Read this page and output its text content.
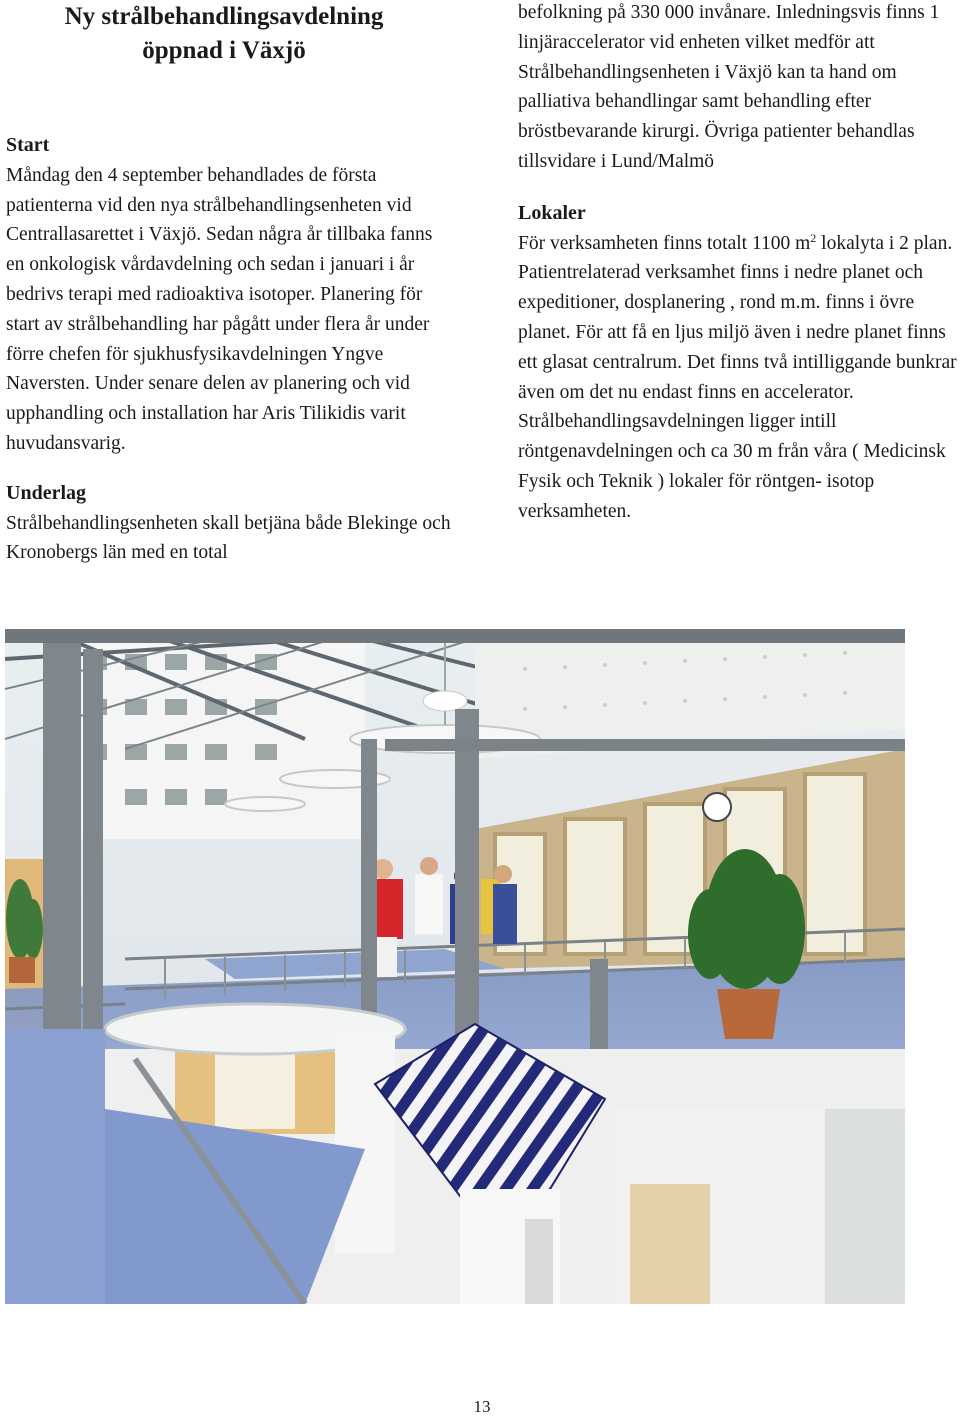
Ny strålbehandlingsavdelning
öppnad i Växjö

Start

Måndag den 4 september behandlades de första patienterna vid den nya strålbehandlingsenheten vid Centrallasarettet i Växjö. Sedan några år tillbaka fanns en onkologisk vårdavdelning och sedan i januari i år bedrivs terapi med radioaktiva isotoper. Planering för start av strålbehandling har pågått under flera år under förre chefen för sjukhusfysikavdelningen Yngve Naversten. Under senare delen av planering och vid upphandling och installation har Aris Tilikidis varit huvudansvarig.

Underlag

Strålbehandlingsenheten skall betjäna både Blekinge och Kronobergs län med en total

befolkning på 330 000 invånare. Inledningsvis finns 1 linjäraccelerator vid enheten vilket medför att Strålbehandlingsenheten i Växjö kan ta hand om palliativa behandlingar samt behandling efter bröstbevarande kirurgi. Övriga patienter behandlas tillsvidare i Lund/Malmö

Lokaler

För verksamheten finns totalt 1100 $m^2$ lokalyta i 2 plan. Patientrelaterad verksamhet finns i nedre planet och expeditioner, dosplanering , rond m.m. finns i övre planet. För att få en ljus miljö även i nedre planet finns ett glasat centralrum. Det finns två intilliggande bunkrar även om det nu endast finns en accelerator. Strålbehandlingsavdelningen ligger intill röntgenavdelningen och ca 30 m från våra ( Medicinsk Fysik och Teknik ) lokaler för röntgen- isotop verksamheten.

13
